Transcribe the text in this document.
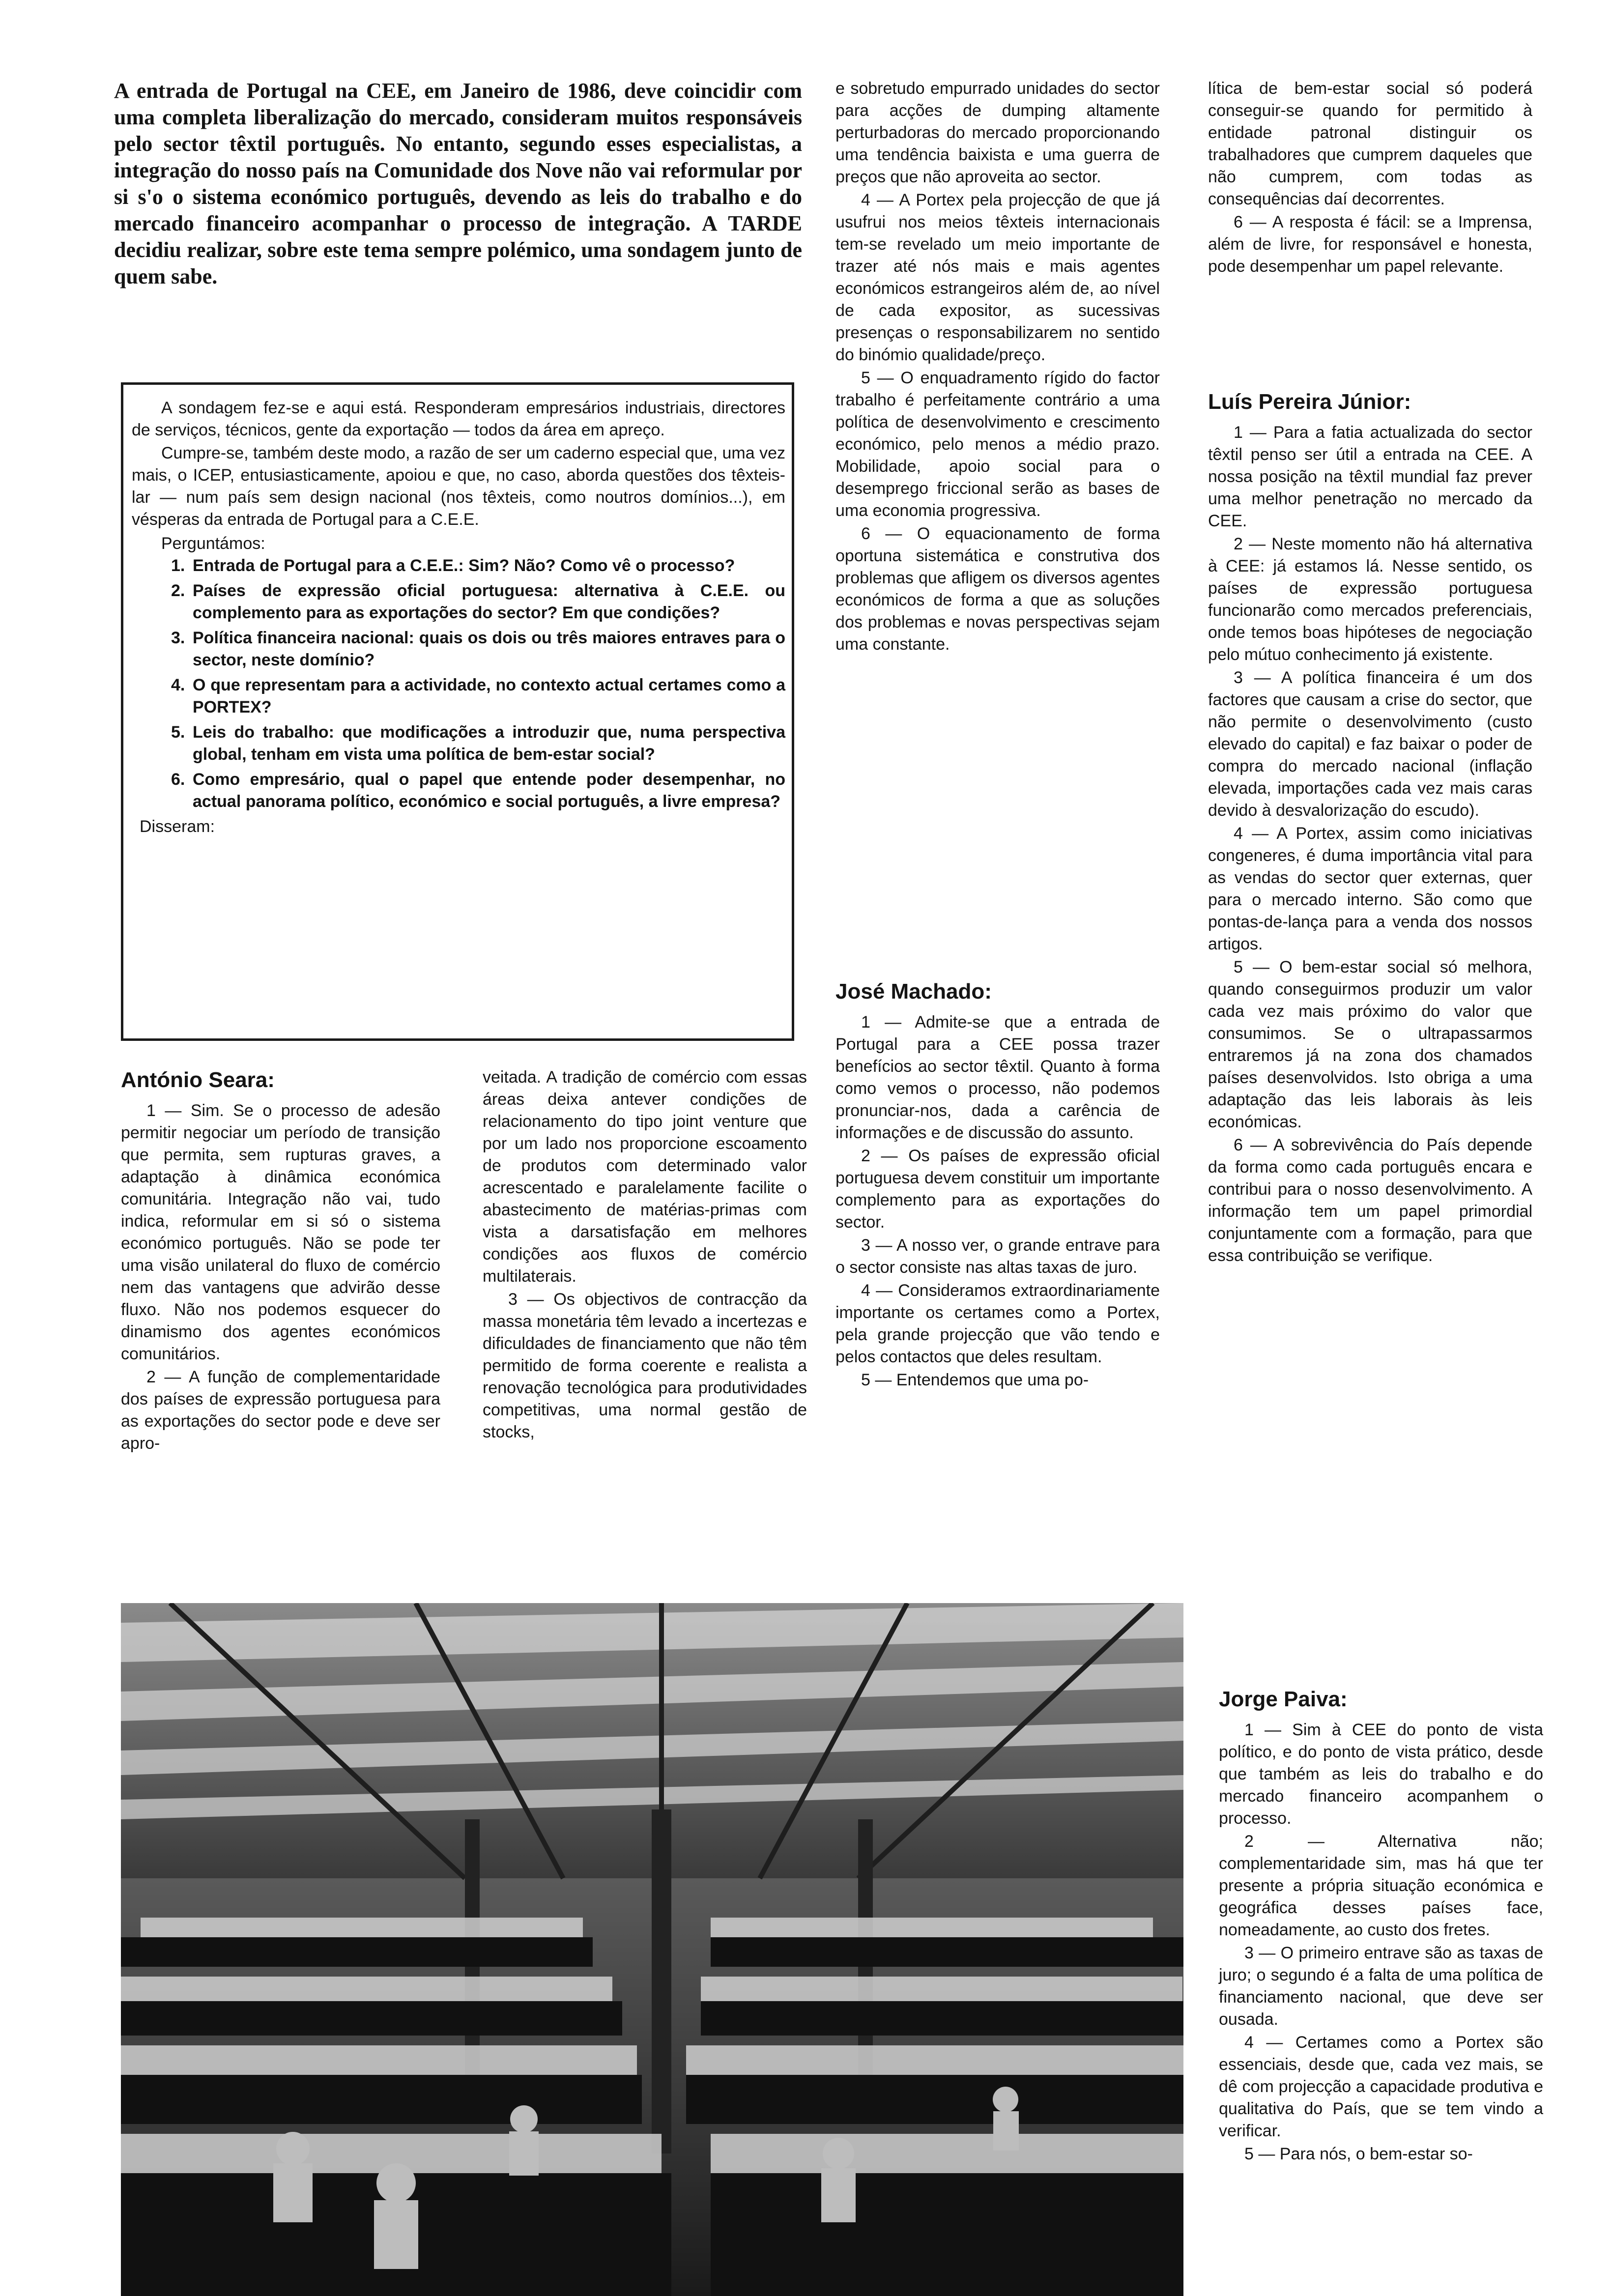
A entrada de Portugal na CEE, em Janeiro de 1986, deve coincidir com uma completa liberalização do mercado, consideram muitos responsáveis pelo sector têxtil português. No entanto, segundo esses especialistas, a integração do nosso país na Comunidade dos Nove não vai reformular por si s'o o sistema económico português, devendo as leis do trabalho e do mercado financeiro acompanhar o processo de integração. A TARDE decidiu realizar, sobre este tema sempre polémico, uma sondagem junto de quem sabe.
A sondagem fez-se e aqui está. Responderam empresários industriais, directores de serviços, técnicos, gente da exportação — todos da área em apreço.
Cumpre-se, também deste modo, a razão de ser um caderno especial que, uma vez mais, o ICEP, entusiasticamente, apoiou e que, no caso, aborda questões dos têxteis-lar — num país sem design nacional (nos têxteis, como noutros domínios...), em vésperas da entrada de Portugal para a C.E.E.
Perguntámos:
1. Entrada de Portugal para a C.E.E.: Sim? Não? Como vê o processo?
2. Países de expressão oficial portuguesa: alternativa à C.E.E. ou complemento para as exportações do sector? Em que condições?
3. Política financeira nacional: quais os dois ou três maiores entraves para o sector, neste domínio?
4. O que representam para a actividade, no contexto actual certames como a PORTEX?
5. Leis do trabalho: que modificações a introduzir que, numa perspectiva global, tenham em vista uma política de bem-estar social?
6. Como empresário, qual o papel que entende poder desempenhar, no actual panorama político, económico e social português, a livre empresa?
Disseram:

e sobretudo empurrado unidades do sector para acções de dumping altamente perturbadoras do mercado proporcionando uma tendência baixista e uma guerra de preços que não aproveita ao sector.

4 — A Portex pela projecção de que já usufrui nos meios têxteis internacionais tem-se revelado um meio importante de trazer até nós mais e mais agentes económicos estrangeiros além de, ao nível de cada expositor, as sucessivas presenças o responsabilizarem no sentido do binómio qualidade/preço.

5 — O enquadramento rígido do factor trabalho é perfeitamente contrário a uma política de desenvolvimento e crescimento económico, pelo menos a médio prazo. Mobilidade, apoio social para o desemprego friccional serão as bases de uma economia progressiva.

6 — O equacionamento de forma oportuna sistemática e construtiva dos problemas que afligem os diversos agentes económicos de forma a que as soluções dos problemas e novas perspectivas sejam uma constante.

José Machado:

1 — Admite-se que a entrada de Portugal para a CEE possa trazer benefícios ao sector têxtil. Quanto à forma como vemos o processo, não podemos pronunciar-nos, dada a carência de informações e de discussão do assunto.

2 — Os países de expressão oficial portuguesa devem constituir um importante complemento para as exportações do sector.

3 — A nosso ver, o grande entrave para o sector consiste nas altas taxas de juro.

4 — Consideramos extraordinariamente importante os certames como a Portex, pela grande projecção que vão tendo e pelos contactos que deles resultam.

5 — Entendemos que uma po-

lítica de bem-estar social só poderá conseguir-se quando for permitido à entidade patronal distinguir os trabalhadores que cumprem daqueles que não cumprem, com todas as consequências daí decorrentes.

6 — A resposta é fácil: se a Imprensa, além de livre, for responsável e honesta, pode desempenhar um papel relevante.

Luís Pereira Júnior:

1 — Para a fatia actualizada do sector têxtil penso ser útil a entrada na CEE. A nossa posição na têxtil mundial faz prever uma melhor penetração no mercado da CEE.

2 — Neste momento não há alternativa à CEE: já estamos lá. Nesse sentido, os países de expressão portuguesa funcionarão como mercados preferenciais, onde temos boas hipóteses de negociação pelo mútuo conhecimento já existente.

3 — A política financeira é um dos factores que causam a crise do sector, que não permite o desenvolvimento (custo elevado do capital) e faz baixar o poder de compra do mercado nacional (inflação elevada, importações cada vez mais caras devido à desvalorização do escudo).

4 — A Portex, assim como iniciativas congeneres, é duma importância vital para as vendas do sector quer externas, quer para o mercado interno. São como que pontas-de-lança para a venda dos nossos artigos.

5 — O bem-estar social só melhora, quando conseguirmos produzir um valor cada vez mais próximo do valor que consumimos. Se o ultrapassarmos entraremos já na zona dos chamados países desenvolvidos. Isto obriga a uma adaptação das leis laborais às leis económicas.

6 — A sobrevivência do País depende da forma como cada português encara e contribui para o nosso desenvolvimento. A informação tem um papel primordial conjuntamente com a formação, para que essa contribuição se verifique.

Jorge Paiva:

1 — Sim à CEE do ponto de vista político, e do ponto de vista prático, desde que também as leis do trabalho e do mercado financeiro acompanhem o processo.

2 — Alternativa não; complementaridade sim, mas há que ter presente a própria situação económica e geográfica desses países face, nomeadamente, ao custo dos fretes.

3 — O primeiro entrave são as taxas de juro; o segundo é a falta de uma política de financiamento nacional, que deve ser ousada.

4 — Certames como a Portex são essenciais, desde que, cada vez mais, se dê com projecção a capacidade produtiva e qualitativa do País, que se tem vindo a verificar.

5 — Para nós, o bem-estar so-

António Seara:

1 — Sim. Se o processo de adesão permitir negociar um período de transição que permita, sem rupturas graves, a adaptação à dinâmica económica comunitária. Integração não vai, tudo indica, reformular em si só o sistema económico português. Não se pode ter uma visão unilateral do fluxo de comércio nem das vantagens que advirão desse fluxo. Não nos podemos esquecer do dinamismo dos agentes económicos comunitários.

2 — A função de complementaridade dos países de expressão portuguesa para as exportações do sector pode e deve ser apro-

veitada. A tradição de comércio com essas áreas deixa antever condições de relacionamento do tipo joint venture que por um lado nos proporcione escoamento de produtos com determinado valor acrescentado e paralelamente facilite o abastecimento de matérias-primas com vista a darsatisfação em melhores condições aos fluxos de comércio multilaterais.

3 — Os objectivos de contracção da massa monetária têm levado a incertezas e dificuldades de financiamento que não têm permitido de forma coerente e realista a renovação tecnológica para produtividades competitivas, uma normal gestão de stocks,
